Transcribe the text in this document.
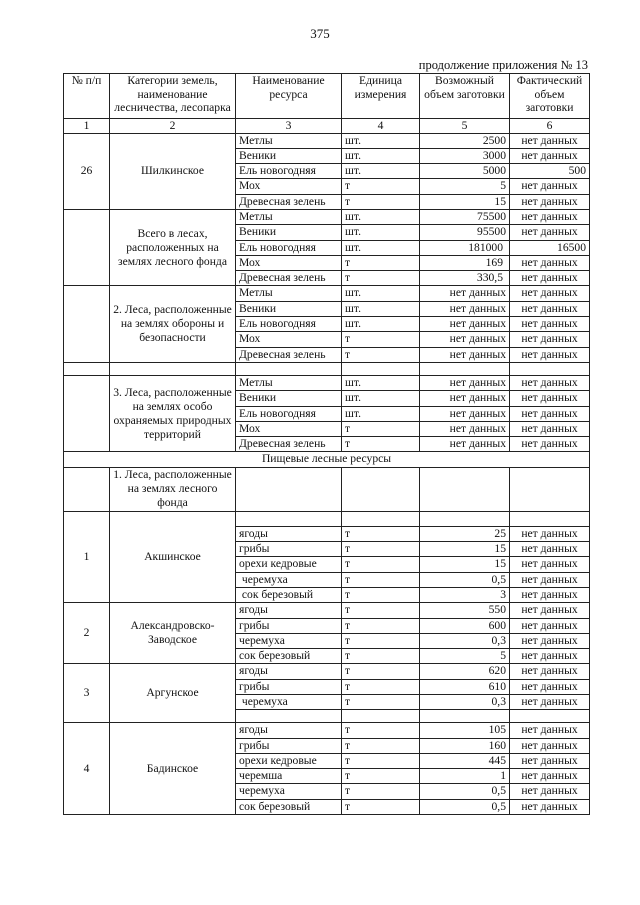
375
продолжение приложения № 13
№ п/п	Категории земель, наименование лесничества, лесопарка	Наименование ресурса	Единица измерения	Возможный объем заготовки	Фактический объем заготовки
1	2	3	4	5	6
26	Шилкинское	Метлы	шт.	2500	нет данных
		Веники	шт.	3000	нет данных
		Ель новогодняя	шт.	5000	500
		Мох	т	5	нет данных
		Древесная зелень	т	15	нет данных
	Всего в лесах, расположенных на землях лесного фонда	Метлы	шт.	75500	нет данных
		Веники	шт.	95500	нет данных
		Ель новогодняя	шт.	181000	16500
		Мох	т	169	нет данных
		Древесная зелень	т	330,5	нет данных
	2. Леса, расположенные на землях обороны и безопасности	Метлы	шт.	нет данных	нет данных
		Веники	шт.	нет данных	нет данных
		Ель новогодняя	шт.	нет данных	нет данных
		Мох	т	нет данных	нет данных
		Древесная зелень	т	нет данных	нет данных

	3. Леса, расположенные на землях особо охраняемых природных территорий	Метлы	шт.	нет данных	нет данных
		Веники	шт.	нет данных	нет данных
		Ель новогодняя	шт.	нет данных	нет данных
		Мох	т	нет данных	нет данных
		Древесная зелень	т	нет данных	нет данных
Пищевые лесные ресурсы					
	1. Леса, расположенные на землях лесного фонда				
1	Акшинское				
		ягоды	т	25	нет данных
		грибы	т	15	нет данных
		орехи кедровые	т	15	нет данных
		черемуха	т	0,5	нет данных
		сок березовый	т	3	нет данных
2	Александровско-Заводское	ягоды	т	550	нет данных
		грибы	т	600	нет данных
		черемуха	т	0,3	нет данных
		сок березовый	т	5	нет данных
3	Аргунское	ягоды	т	620	нет данных
		грибы	т	610	нет данных
		черемуха	т	0,3	нет данных

4	Бадинское	ягоды	т	105	нет данных
		грибы	т	160	нет данных
		орехи кедровые	т	445	нет данных
		черемша	т	1	нет данных
		черемуха	т	0,5	нет данных
		сок березовый	т	0,5	нет данных
